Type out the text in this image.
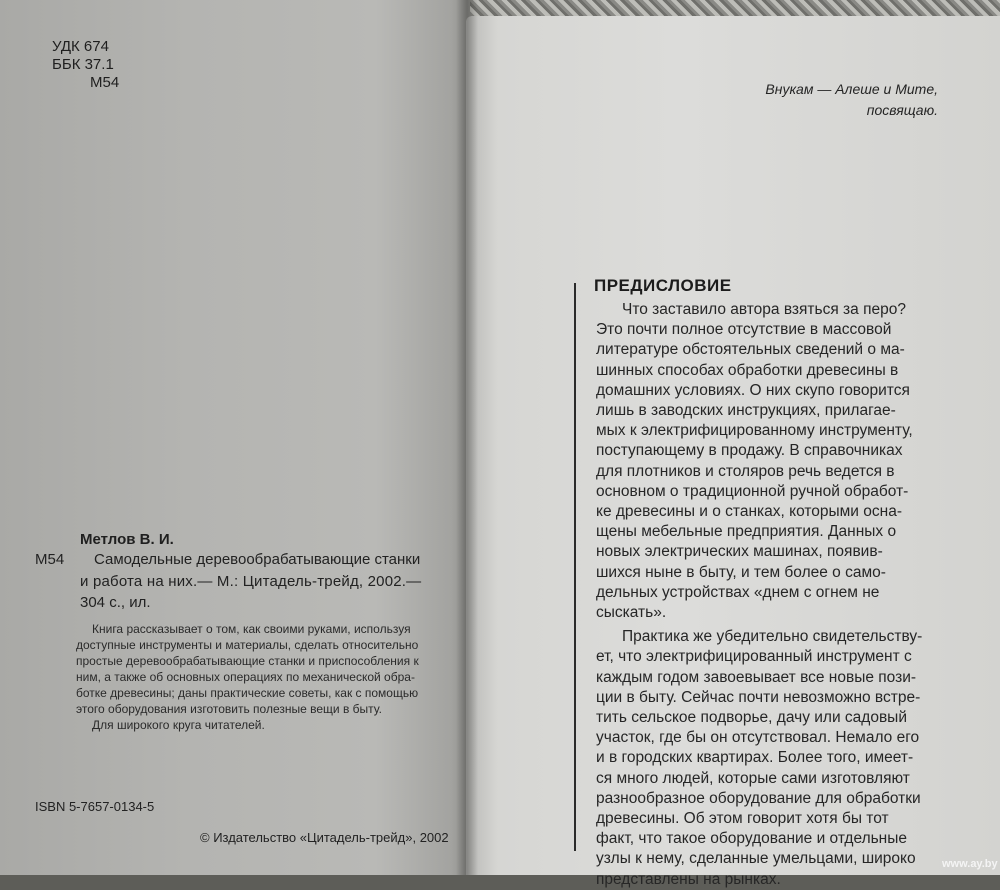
УДК 674

ББК 37.1

М54

Метлов В. И.

М54 Самодельные деревообрабатывающие станки

и работа на них.— М.: Цитадель-трейд, 2002.—

304 с., ил.

Книга рассказывает о том, как своими руками, используя

доступные инструменты и материалы, сделать относительно

простые деревообрабатывающие станки и приспособления к

ним, а также об основных операциях по механической обра-

ботке древесины; даны практические советы, как с помощью

этого оборудования изготовить полезные вещи в быту.

Для широкого круга читателей.

ISBN 5-7657-0134-5

© Издательство «Цитадель-трейд», 2002

Внукам — Алеше и Мите,

посвящаю.

ПРЕДИСЛОВИЕ

Что заставило автора взяться за перо?

Это почти полное отсутствие в массовой

литературе обстоятельных сведений о ма-

шинных способах обработки древесины в

домашних условиях. О них скупо говорится

лишь в заводских инструкциях, прилагае-

мых к электрифицированному инструменту,

поступающему в продажу. В справочниках

для плотников и столяров речь ведется в

основном о традиционной ручной обработ-

ке древесины и о станках, которыми осна-

щены мебельные предприятия. Данных о

новых электрических машинах, появив-

шихся ныне в быту, и тем более о само-

дельных устройствах «днем с огнем не

сыскать».

Практика же убедительно свидетельству-

ет, что электрифицированный инструмент с

каждым годом завоевывает все новые пози-

ции в быту. Сейчас почти невозможно встре-

тить сельское подворье, дачу или садовый

участок, где бы он отсутствовал. Немало его

и в городских квартирах. Более того, имеет-

ся много людей, которые сами изготовляют

разнообразное оборудование для обработки

древесины. Об этом говорит хотя бы тот

факт, что такое оборудование и отдельные

узлы к нему, сделанные умельцами, широко

представлены на рынках.

www.ay.by
